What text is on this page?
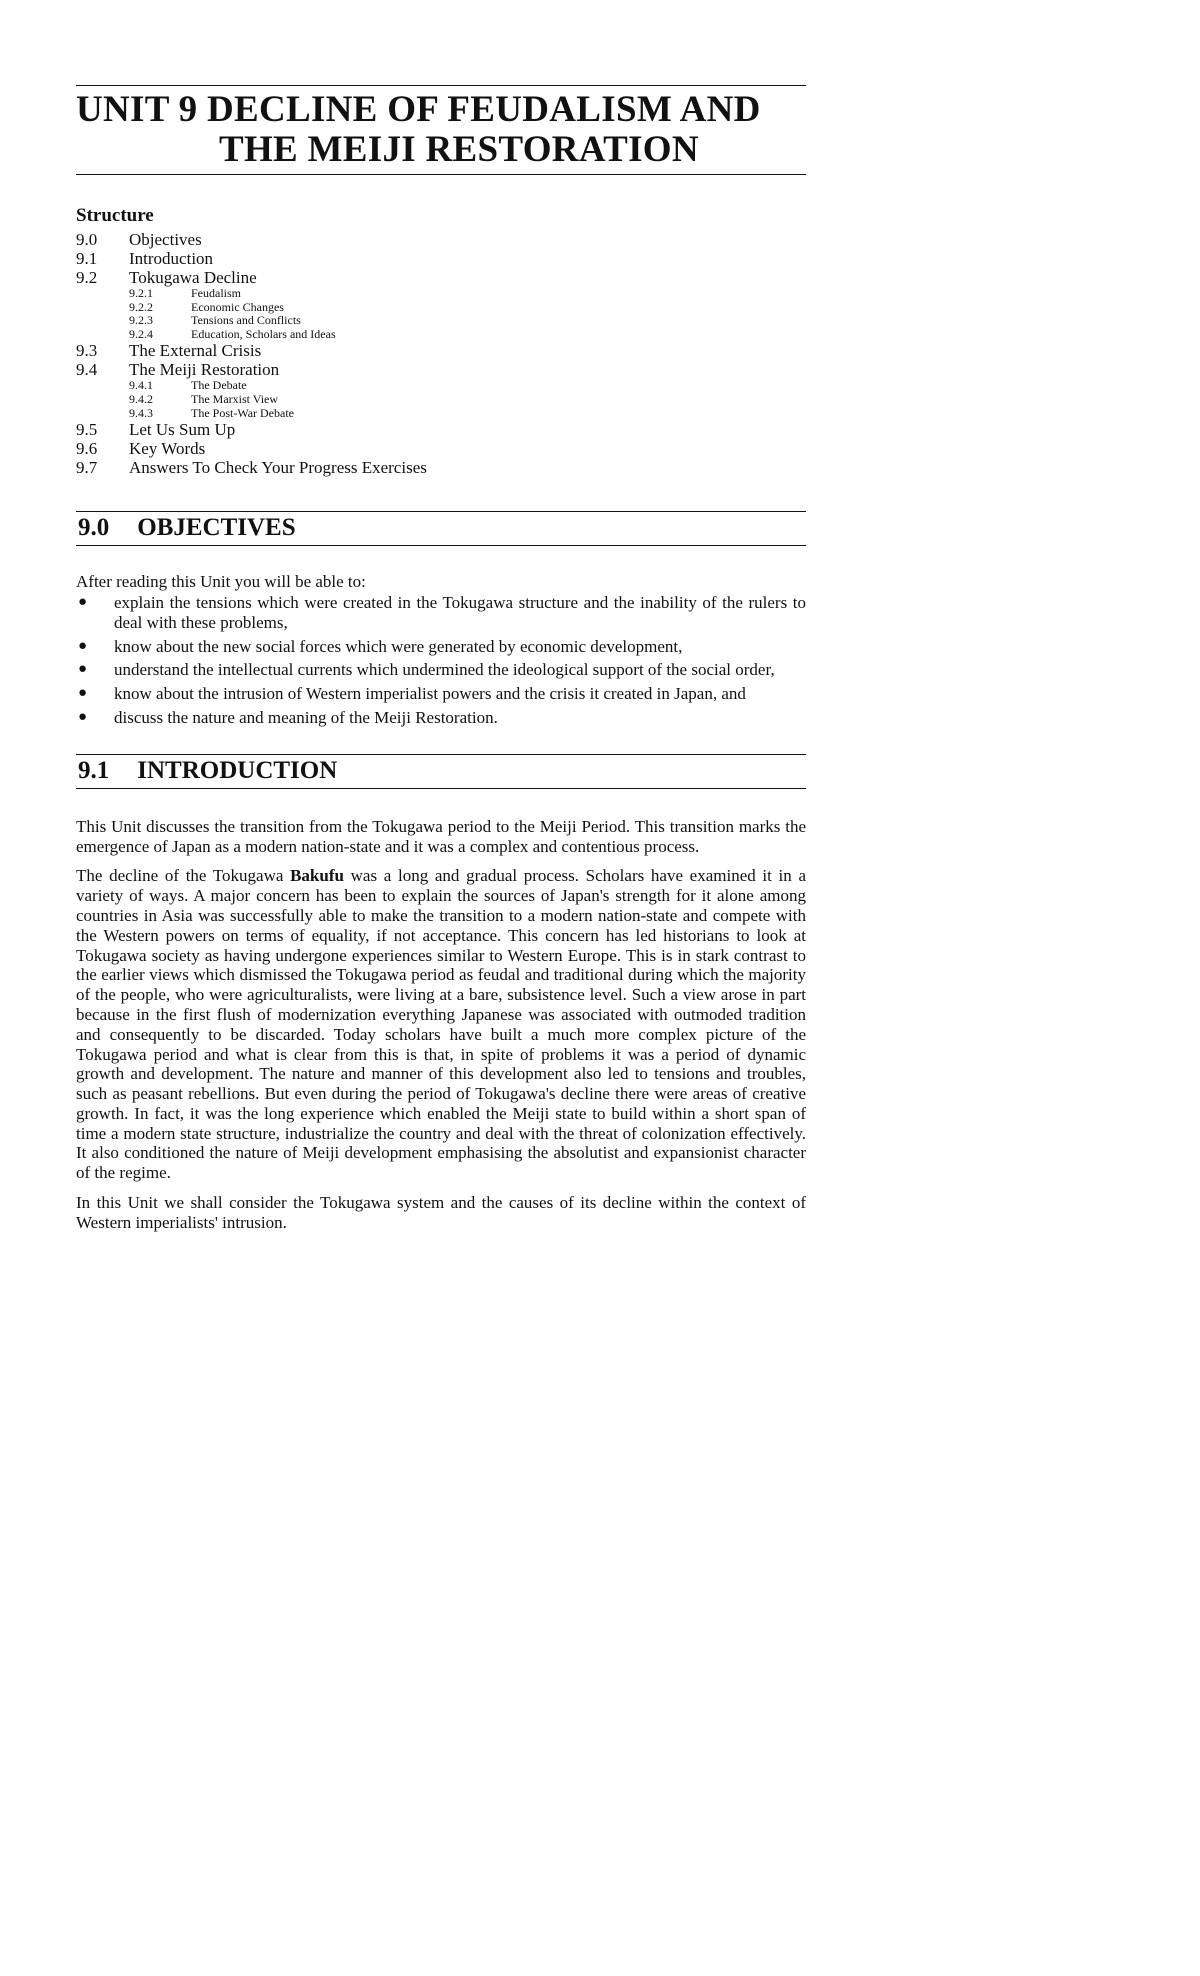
UNIT 9 DECLINE OF FEUDALISM AND
THE MEIJI RESTORATION
Structure
9.0	Objectives
9.1	Introduction
9.2	Tokugawa Decline
9.2.1	Feudalism
9.2.2	Economic Changes
9.2.3	Tensions and Conflicts
9.2.4	Education, Scholars and Ideas
9.3	The External Crisis
9.4	The Meiji Restoration
9.4.1	The Debate
9.4.2	The Marxist View
9.4.3	The Post-War Debate
9.5	Let Us Sum Up
9.6	Key Words
9.7	Answers To Check Your Progress Exercises
9.0 OBJECTIVES
After reading this Unit you will be able to:
● explain the tensions which were created in the Tokugawa structure and the inability of the rulers to deal with these problems,
● know about the new social forces which were generated by economic development,
● understand the intellectual currents which undermined the ideological support of the social order,
● know about the intrusion of Western imperialist powers and the crisis it created in Japan, and
● discuss the nature and meaning of the Meiji Restoration.
9.1 INTRODUCTION

This Unit discusses the transition from the Tokugawa period to the Meiji Period. This transition marks the emergence of Japan as a modern nation-state and it was a complex and contentious process.

The decline of the Tokugawa Bakufu was a long and gradual process. Scholars have examined it in a variety of ways. A major concern has been to explain the sources of Japan's strength for it alone among countries in Asia was successfully able to make the transition to a modern nation-state and compete with the Western powers on terms of equality, if not acceptance. This concern has led historians to look at Tokugawa society as having undergone experiences similar to Western Europe. This is in stark contrast to the earlier views which dismissed the Tokugawa period as feudal and traditional during which the majority of the people, who were agriculturalists, were living at a bare, subsistence level. Such a view arose in part because in the first flush of modernization everything Japanese was associated with outmoded tradition and consequently to be discarded. Today scholars have built a much more complex picture of the Tokugawa period and what is clear from this is that, in spite of problems it was a period of dynamic growth and development. The nature and manner of this development also led to tensions and troubles, such as peasant rebellions. But even during the period of Tokugawa's decline there were areas of creative growth. In fact, it was the long experience which enabled the Meiji state to build within a short span of time a modern state structure, industrialize the country and deal with the threat of colonization effectively. It also conditioned the nature of Meiji development emphasising the absolutist and expansionist character of the regime.

In this Unit we shall consider the Tokugawa system and the causes of its decline within the context of Western imperialists' intrusion.
